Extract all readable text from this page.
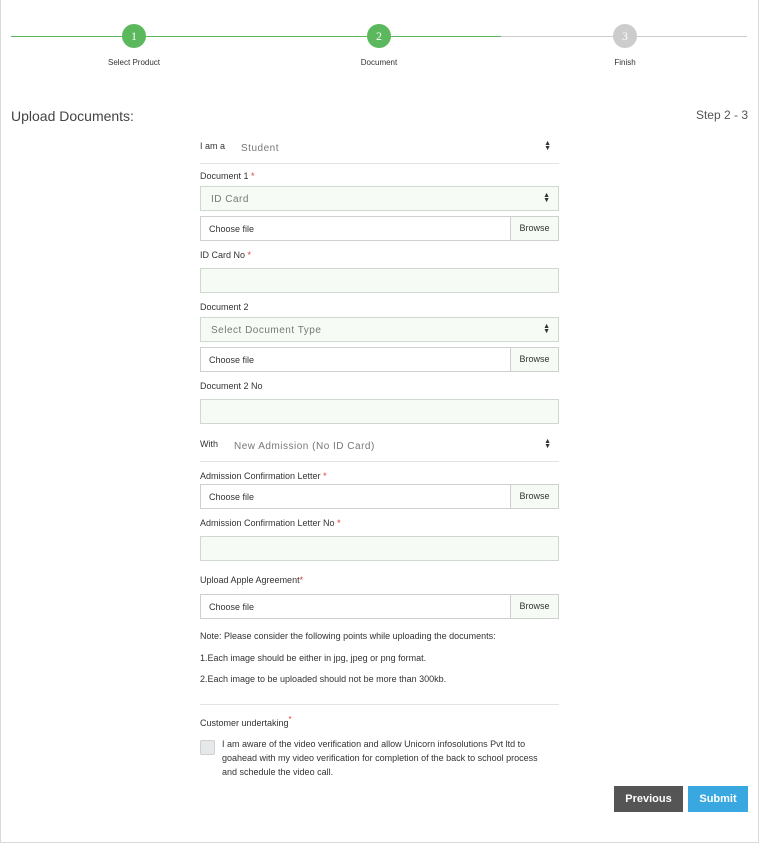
1
Select Product
2
Document
3
Finish
Upload Documents:	Step 2 - 3
I am a Student	▲
▼
Document 1 *
ID Card	▲
▼
Choose file	Browse
ID Card No *
Document 2
Select Document Type	▲
▼
Choose file	Browse
Document 2 No
With New Admission (No ID Card)	▲
▼
Admission Confirmation Letter *
Choose file	Browse
Admission Confirmation Letter No *
Upload Apple Agreement*
Choose file	Browse
Note: Please consider the following points while uploading the documents:
1.Each image should be either in jpg, jpeg or png format.
2.Each image to be uploaded should not be more than 300kb.
Customer undertaking*
I am aware of the video verification and allow Unicorn infosolutions Pvt ltd to goahead with my video verification for completion of the back to school process and schedule the video call.
Previous	Submit
